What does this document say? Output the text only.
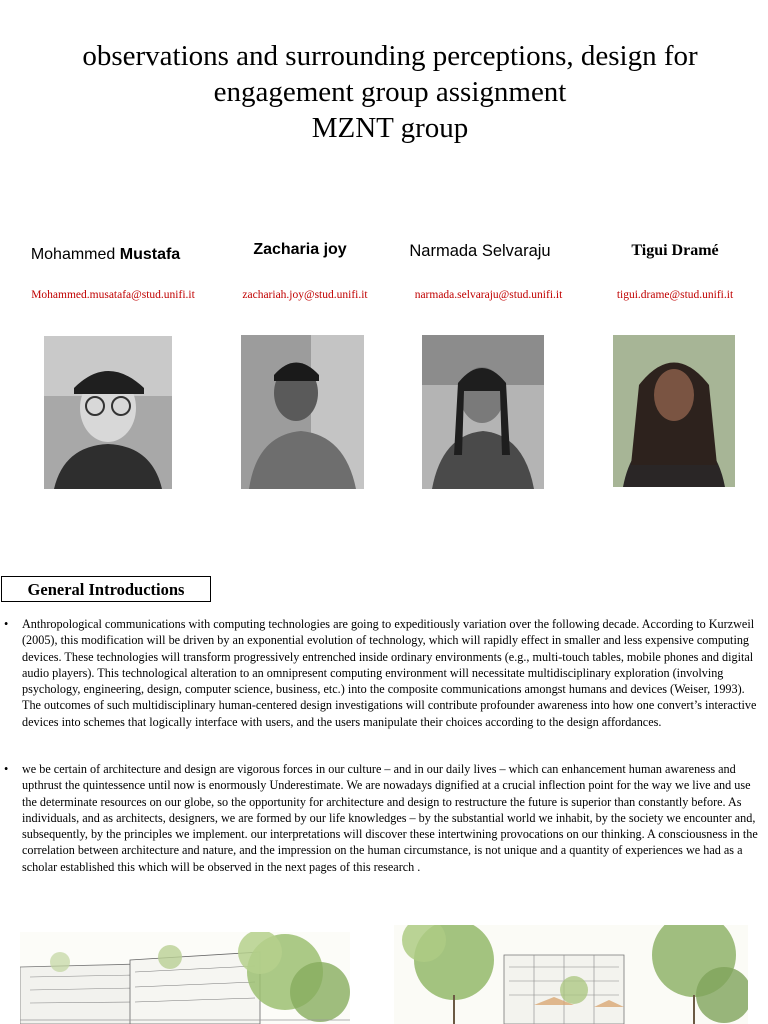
observations and surrounding perceptions, design for
engagement group assignment
MZNT group
Mohammed Mustafa
Mohammed.musatafa@stud.unifi.it
Zacharia joy
zachariah.joy@stud.unifi.it
Narmada Selvaraju
narmada.selvaraju@stud.unifi.it
Tigui Dramé
tigui.drame@stud.unifi.it
General Introductions
• Anthropological communications with computing technologies are going to expeditiously variation over the following decade. According to Kurzweil (2005), this modification will be driven by an exponential evolution of technology, which will rapidly effect in smaller and less expensive computing devices. These technologies will transform progressively entrenched inside ordinary environments (e.g., multi-touch tables, mobile phones and digital audio players). This technological alteration to an omnipresent computing environment will necessitate multidisciplinary exploration (involving psychology, engineering, design, computer science, business, etc.) into the composite communications amongst humans and devices (Weiser, 1993). The outcomes of such multidisciplinary human-centered design investigations will contribute profounder awareness into how one convert’s interactive devices into schemes that logically interface with users, and the users manipulate their choices according to the design affordances.
• we be certain of architecture and design are vigorous forces in our culture – and in our daily lives – which can enhancement human awareness and upthrust the quintessence until now is enormously Underestimate. We are nowadays dignified at a crucial inflection point for the way we live and use the determinate resources on our globe, so the opportunity for architecture and design to restructure the future is superior than constantly before. As individuals, and as architects, designers, we are formed by our life knowledges – by the substantial world we inhabit, by the society we encounter and, subsequently, by the principles we implement. our interpretations will discover these intertwining provocations on our thinking. A consciousness in the correlation between architecture and nature, and the impression on the human circumstance, is not unique and a quantity of experiences we had as a scholar established this which will be observed in the next pages of this research .
